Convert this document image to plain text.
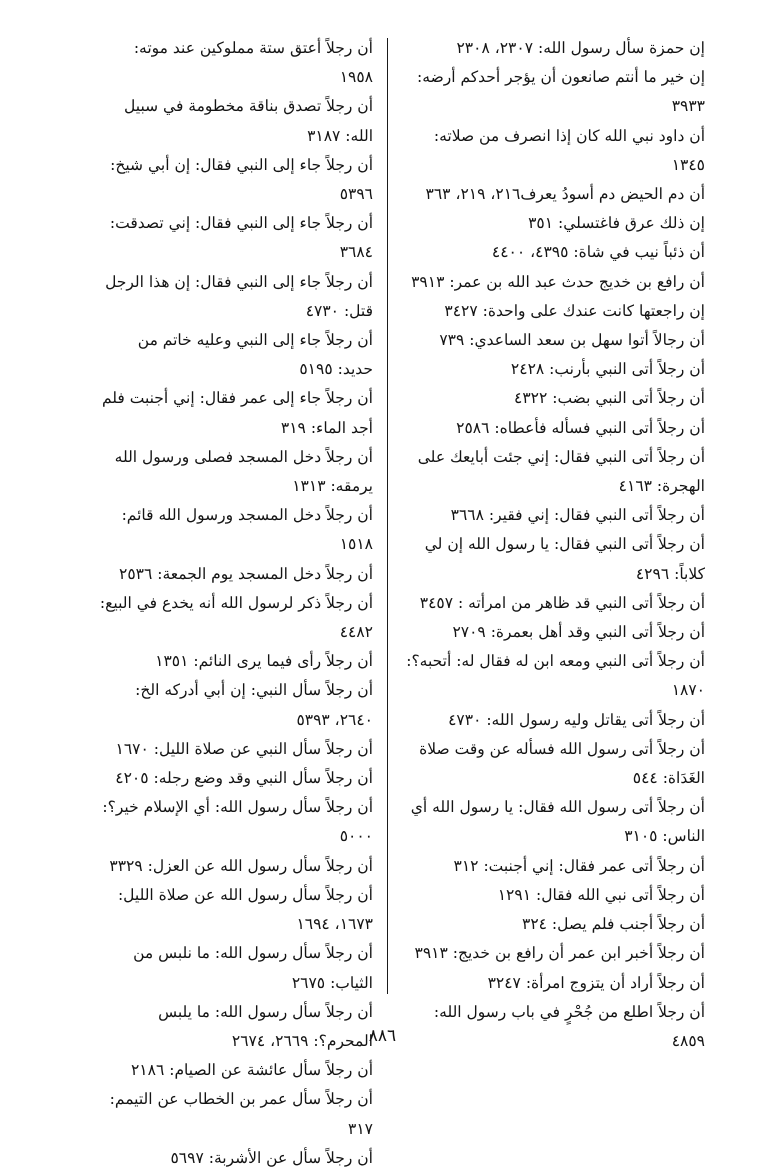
إن حمزة سأل رسول الله: ٢٣٠٧، ٢٣٠٨

إن خير ما أنتم صانعون أن يؤجر أحدكم أرضه: ٣٩٣٣

أن داود نبي الله كان إذا انصرف من صلاته: ١٣٤٥

أن دم الحيض دم أسودُ يعرف٢١٦، ٢١٩، ٣٦٣

إن ذلك عرق فاغتسلي: ٣٥١

أن ذئباً نيب في شاة: ٤٣٩٥، ٤٤٠٠

أن رافع بن خديج حدث عبد الله بن عمر: ٣٩١٣

إن راجعتها كانت عندك على واحدة: ٣٤٢٧

أن رجالاً أتوا سهل بن سعد الساعدي: ٧٣٩

أن رجلاً أتى النبي بأرنب: ٢٤٢٨

أن رجلاً أتى النبي بضب: ٤٣٢٢

أن رجلاً أتى النبي فسأله فأعطاه: ٢٥٨٦

أن رجلاً أتى النبي فقال: إني جئت أبايعك على الهجرة: ٤١٦٣

أن رجلاً أتى النبي فقال: إني فقير: ٣٦٦٨

أن رجلاً أتى النبي فقال: يا رسول الله إن لي كلاباً: ٤٢٩٦

أن رجلاً أتى النبي قد ظاهر من امرأته : ٣٤٥٧

أن رجلاً أتى النبي وقد أهل بعمرة: ٢٧٠٩

أن رجلاً أتى النبي ومعه ابن له فقال له: أتحبه؟: ١٨٧٠

أن رجلاً أتى يقاتل وليه رسول الله: ٤٧٣٠

أن رجلاً أتى رسول الله فسأله عن وقت صلاة الغَدَاة: ٥٤٤

أن رجلاً أتى رسول الله فقال: يا رسول الله أي الناس: ٣١٠٥

أن رجلاً أتى عمر فقال: إني أجنبت: ٣١٢

أن رجلاً أتى نبي الله فقال: ١٢٩١

أن رجلاً أجنب فلم يصل: ٣٢٤

أن رجلاً أخبر ابن عمر أن رافع بن خديج: ٣٩١٣

أن رجلاً أراد أن يتزوج امرأة: ٣٢٤٧

أن رجلاً اطلع من جُحْرٍ في باب رسول الله: ٤٨٥٩

أن رجلاً أعتق ستة مملوكين عند موته: ١٩٥٨

أن رجلاً تصدق بناقة مخطومة في سبيل الله: ٣١٨٧

أن رجلاً جاء إلى النبي فقال: إن أبي شيخ: ٥٣٩٦

أن رجلاً جاء إلى النبي فقال: إني تصدقت: ٣٦٨٤

أن رجلاً جاء إلى النبي فقال: إن هذا الرجل قتل: ٤٧٣٠

أن رجلاً جاء إلى النبي وعليه خاتم من حديد: ٥١٩٥

أن رجلاً جاء إلى عمر فقال: إني أجنبت فلم أجد الماء: ٣١٩

أن رجلاً دخل المسجد فصلى ورسول الله يرمقه: ١٣١٣

أن رجلاً دخل المسجد ورسول الله قائم: ١٥١٨

أن رجلاً دخل المسجد يوم الجمعة: ٢٥٣٦

أن رجلاً ذكر لرسول الله أنه يخدع في البيع: ٤٤٨٢

أن رجلاً رأى فيما يرى النائم: ١٣٥١

أن رجلاً سأل النبي: إن أبي أدركه الخ: ٢٦٤٠، ٥٣٩٣

أن رجلاً سأل النبي عن صلاة الليل: ١٦٧٠

أن رجلاً سأل النبي وقد وضع رجله: ٤٢٠٥

أن رجلاً سأل رسول الله: أي الإسلام خير؟: ٥٠٠٠

أن رجلاً سأل رسول الله عن العزل: ٣٣٢٩

أن رجلاً سأل رسول الله عن صلاة الليل: ١٦٧٣، ١٦٩٤

أن رجلاً سأل رسول الله: ما نلبس من الثياب: ٢٦٧٥

أن رجلاً سأل رسول الله: ما يلبس المحرم؟: ٢٦٦٩، ٢٦٧٤

أن رجلاً سأل عائشة عن الصيام: ٢١٨٦

أن رجلاً سأل عمر بن الخطاب عن التيمم: ٣١٧

أن رجلاً سأل عن الأشربة: ٥٦٩٧

٨٨٦
